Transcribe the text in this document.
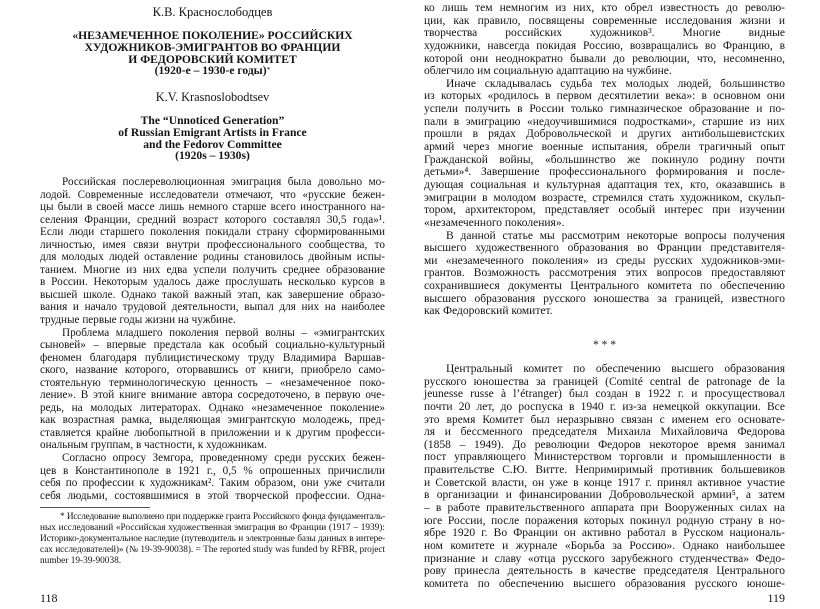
К.В. Краснослободцев
«НЕЗАМЕЧЕННОЕ ПОКОЛЕНИЕ» РОССИЙСКИХ
ХУДОЖНИКОВ-ЭМИГРАНТОВ ВО ФРАНЦИИ
И ФЕДОРОВСКИЙ КОМИТЕТ
(1920-е – 1930-е годы)*
K.V. Krasnoslobodtsev
The “Unnoticed Generation”
of Russian Emigrant Artists in France
and the Fedorov Committee
(1920s – 1930s)
Российская послереволюционная эмиграция была довольно мо-
лодой. Современные исследователи отмечают, что «русские бежен-
цы были в своей массе лишь немного старше всего иностранного на-
селения Франции, средний возраст которого составлял 30,5 года»¹.
Если люди старшего поколения покидали страну сформированными
личностью, имея связи внутри профессионального сообщества, то
для молодых людей оставление родины становилось двойным испы-
танием. Многие из них едва успели получить среднее образование
в России. Некоторым удалось даже прослушать несколько курсов в
высшей школе. Однако такой важный этап, как завершение образо-
вания и начало трудовой деятельности, выпал для них на наиболее
трудные первые годы жизни на чужбине.
Проблема младшего поколения первой волны – «эмигрантских
сыновей» – впервые предстала как особый социально-культурный
феномен благодаря публицистическому труду Владимира Варшав-
ского, название которого, оторвавшись от книги, приобрело само-
стоятельную терминологическую ценность – «незамеченное поко-
ление». В этой книге внимание автора сосредоточено, в первую оче-
редь, на молодых литераторах. Однако «незамеченное поколение»
как возрастная рамка, выделяющая эмигрантскую молодежь, пред-
ставляется крайне любопытной в приложении и к другим професси-
ональным группам, в частности, к художникам.
Согласно опросу Земгора, проведенному среди русских бежен-
цев в Константинополе в 1921 г., 0,5 % опрошенных причислили
себя по профессии к художникам². Таким образом, они уже считали
себя людьми, состоявшимися в этой творческой профессии. Одна-
* Исследование выполнено при поддержке гранта Российского фонда фундаменталь-
ных исследований «Российская художественная эмиграция во Франции (1917 – 1939):
Историко-документальное наследие (путеводитель и электронные базы данных в интере-
сах исследователей)» (№ 19-39-90038). = The reported study was funded by RFBR, project
number 19-39-90038.
118
ко лишь тем немногим из них, кто обрел известность до револю-
ции, как правило, посвящены современные исследования жизни и
творчества российских художников³. Многие видные
художники, навсегда покидая Россию, возвращались во Францию, в
которой они неоднократно бывали до революции, что, несомненно,
облегчило им социальную адаптацию на чужбине.
Иначе складывалась судьба тех молодых людей, большинство
из которых «родилось в первом десятилетии века»: в основном они
успели получить в России только гимназическое образование и по-
пали в эмиграцию «недоучившимися подростками», старшие из них
прошли в рядах Добровольческой и других антибольшевистских
армий через многие военные испытания, обрели трагичный опыт
Гражданской войны, «большинство же покинуло родину почти
детьми»⁴. Завершение профессионального формирования и после-
дующая социальная и культурная адаптация тех, кто, оказавшись в
эмиграции в молодом возрасте, стремился стать художником, скульп-
тором, архитектором, представляет особый интерес при изучении
«незамеченного поколения».
В данной статье мы рассмотрим некоторые вопросы получения
высшего художественного образования во Франции представителя-
ми «незамеченного поколения» из среды русских художников-эми-
грантов. Возможность рассмотрения этих вопросов предоставляют
сохранившиеся документы Центрального комитета по обеспечению
высшего образования русского юношества за границей, известного
как Федоровский комитет.
* * *
Центральный комитет по обеспечению высшего образования
русского юношества за границей (Comité central de patronage de la
jeunesse russe à l’étranger) был создан в 1922 г. и просуществовал
почти 20 лет, до роспуска в 1940 г. из-за немецкой оккупации. Все
это время Комитет был неразрывно связан с именем его основате-
ля и бессменного председателя Михаила Михайловича Федорова
(1858 – 1949). До революции Федоров некоторое время занимал
пост управляющего Министерством торговли и промышленности в
правительстве С.Ю. Витте. Непримиримый противник большевиков
и Советской власти, он уже в конце 1917 г. принял активное участие
в организации и финансировании Добровольческой армии⁵, а затем
– в работе правительственного аппарата при Вооруженных силах на
юге России, после поражения которых покинул родную страну в но-
ябре 1920 г. Во Франции он активно работал в Русском националь-
ном комитете и журнале «Борьба за Россию». Однако наибольшее
признание и славу «отца русского зарубежного студенчества» Федо-
рову принесла деятельность в качестве председателя Центрального
комитета по обеспечению высшего образования русского юноше-
119
